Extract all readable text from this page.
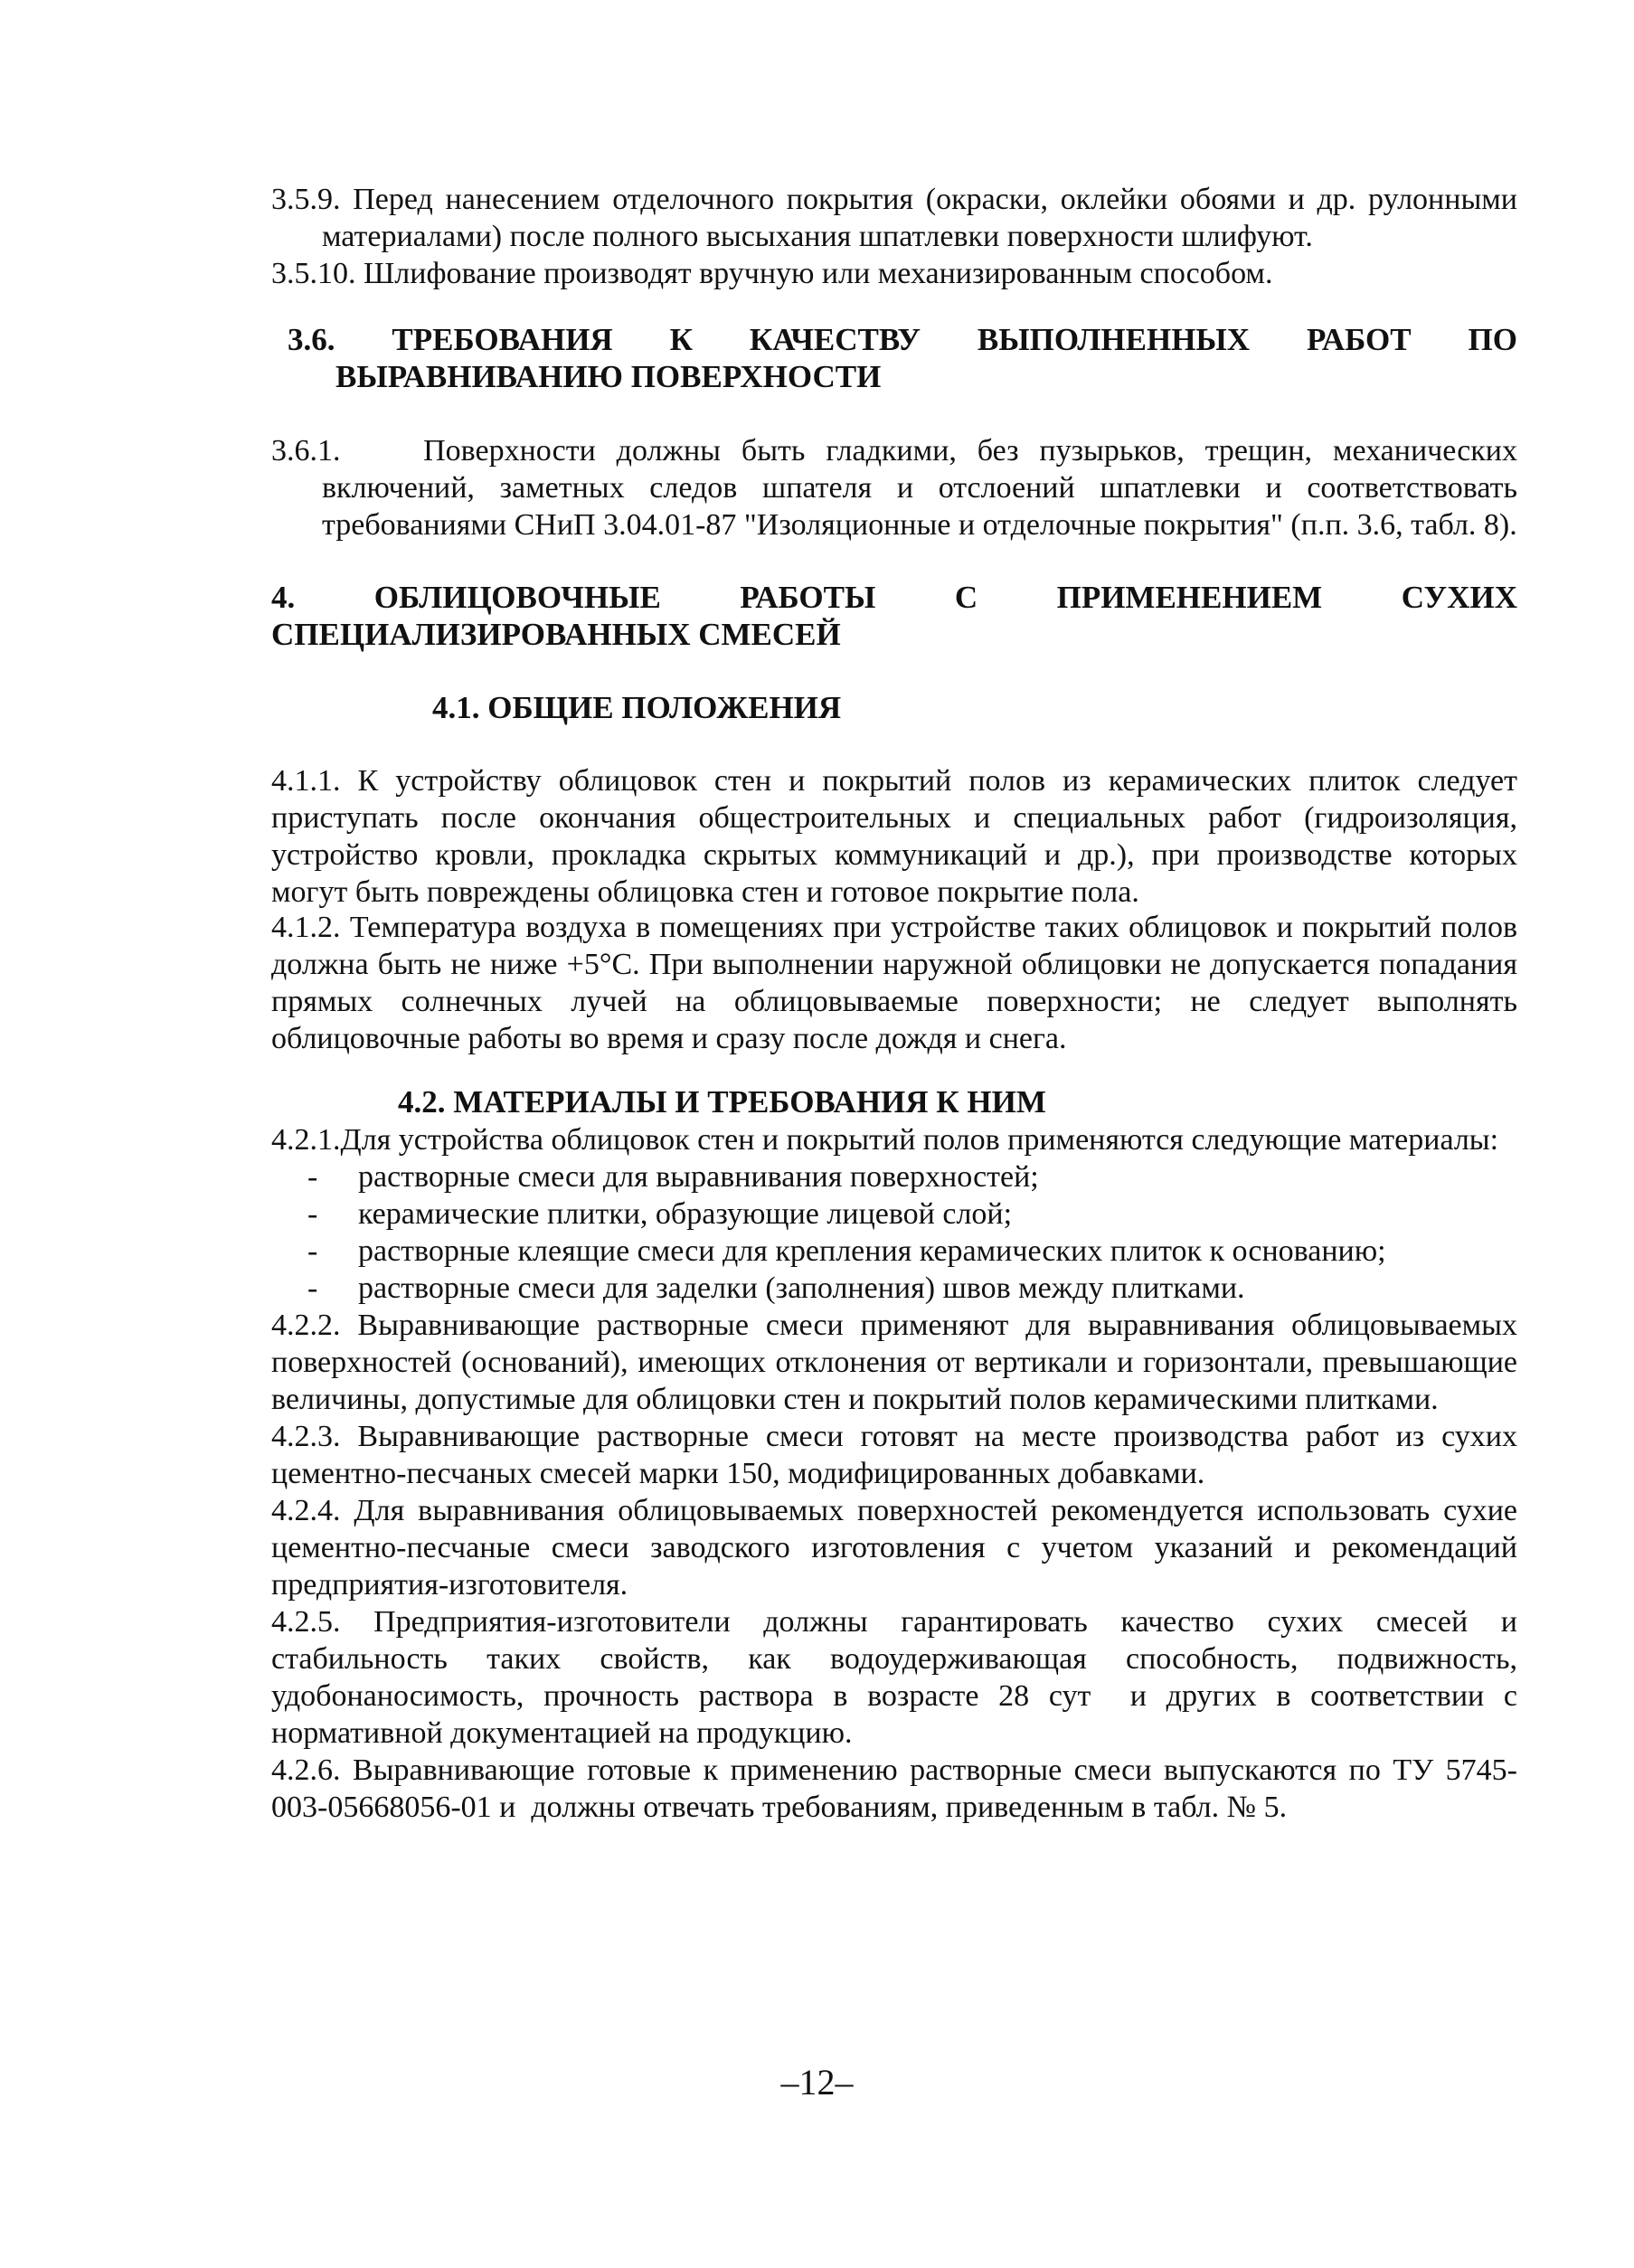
3.5.9. Перед нанесением отделочного покрытия (окраски, оклейки обоями и др. рулонными
материалами) после полного высыхания шпатлевки поверхности шлифуют.
3.5.10. Шлифование производят вручную или механизированным способом.
3.6. ТРЕБОВАНИЯ К КАЧЕСТВУ ВЫПОЛНЕННЫХ РАБОТ ПО
ВЫРАВНИВАНИЮ ПОВЕРХНОСТИ
3.6.1.    Поверхности должны быть гладкими, без пузырьков, трещин, механических
включений, заметных следов шпателя и отслоений шпатлевки и соответствовать
требованиями СНиП 3.04.01-87 "Изоляционные и отделочные покрытия" (п.п. 3.6, табл. 8).
4. ОБЛИЦОВОЧНЫЕ РАБОТЫ С ПРИМЕНЕНИЕМ СУХИХ
СПЕЦИАЛИЗИРОВАННЫХ СМЕСЕЙ
4.1. ОБЩИЕ ПОЛОЖЕНИЯ
4.1.1. К устройству облицовок стен и покрытий полов из керамических плиток следует
приступать после окончания общестроительных и специальных работ (гидроизоляция,
устройство кровли, прокладка скрытых коммуникаций и др.), при производстве которых
могут быть повреждены облицовка стен и готовое покрытие пола.
4.1.2. Температура воздуха в помещениях при устройстве таких облицовок и покрытий полов
должна быть не ниже +5°С. При выполнении наружной облицовки не допускается попадания
прямых солнечных лучей на облицовываемые поверхности; не следует выполнять
облицовочные работы во время и сразу после дождя и снега.
4.2. МАТЕРИАЛЫ И ТРЕБОВАНИЯ К НИМ
4.2.1.Для устройства облицовок стен и покрытий полов применяются следующие материалы:
- растворные смеси для выравнивания поверхностей;
- керамические плитки, образующие лицевой слой;
- растворные клеящие смеси для крепления керамических плиток к основанию;
- растворные смеси для заделки (заполнения) швов между плитками.
4.2.2. Выравнивающие растворные смеси применяют для выравнивания облицовываемых
поверхностей (оснований), имеющих отклонения от вертикали и горизонтали, превышающие
величины, допустимые для облицовки стен и покрытий полов керамическими плитками.
4.2.3. Выравнивающие растворные смеси готовят на месте производства работ из сухих
цементно-песчаных смесей марки 150, модифицированных добавками.
4.2.4. Для выравнивания облицовываемых поверхностей рекомендуется использовать сухие
цементно-песчаные смеси заводского изготовления с учетом указаний и рекомендаций
предприятия-изготовителя.
4.2.5. Предприятия-изготовители должны гарантировать качество сухих смесей и
стабильность таких свойств, как водоудерживающая способность, подвижность,
удобонаносимость, прочность раствора в возрасте 28 сут  и других в соответствии с
нормативной документацией на продукцию.
4.2.6. Выравнивающие готовые к применению растворные смеси выпускаются по ТУ 5745-
003-05668056-01 и  должны отвечать требованиям, приведенным в табл. № 5.
–12–
